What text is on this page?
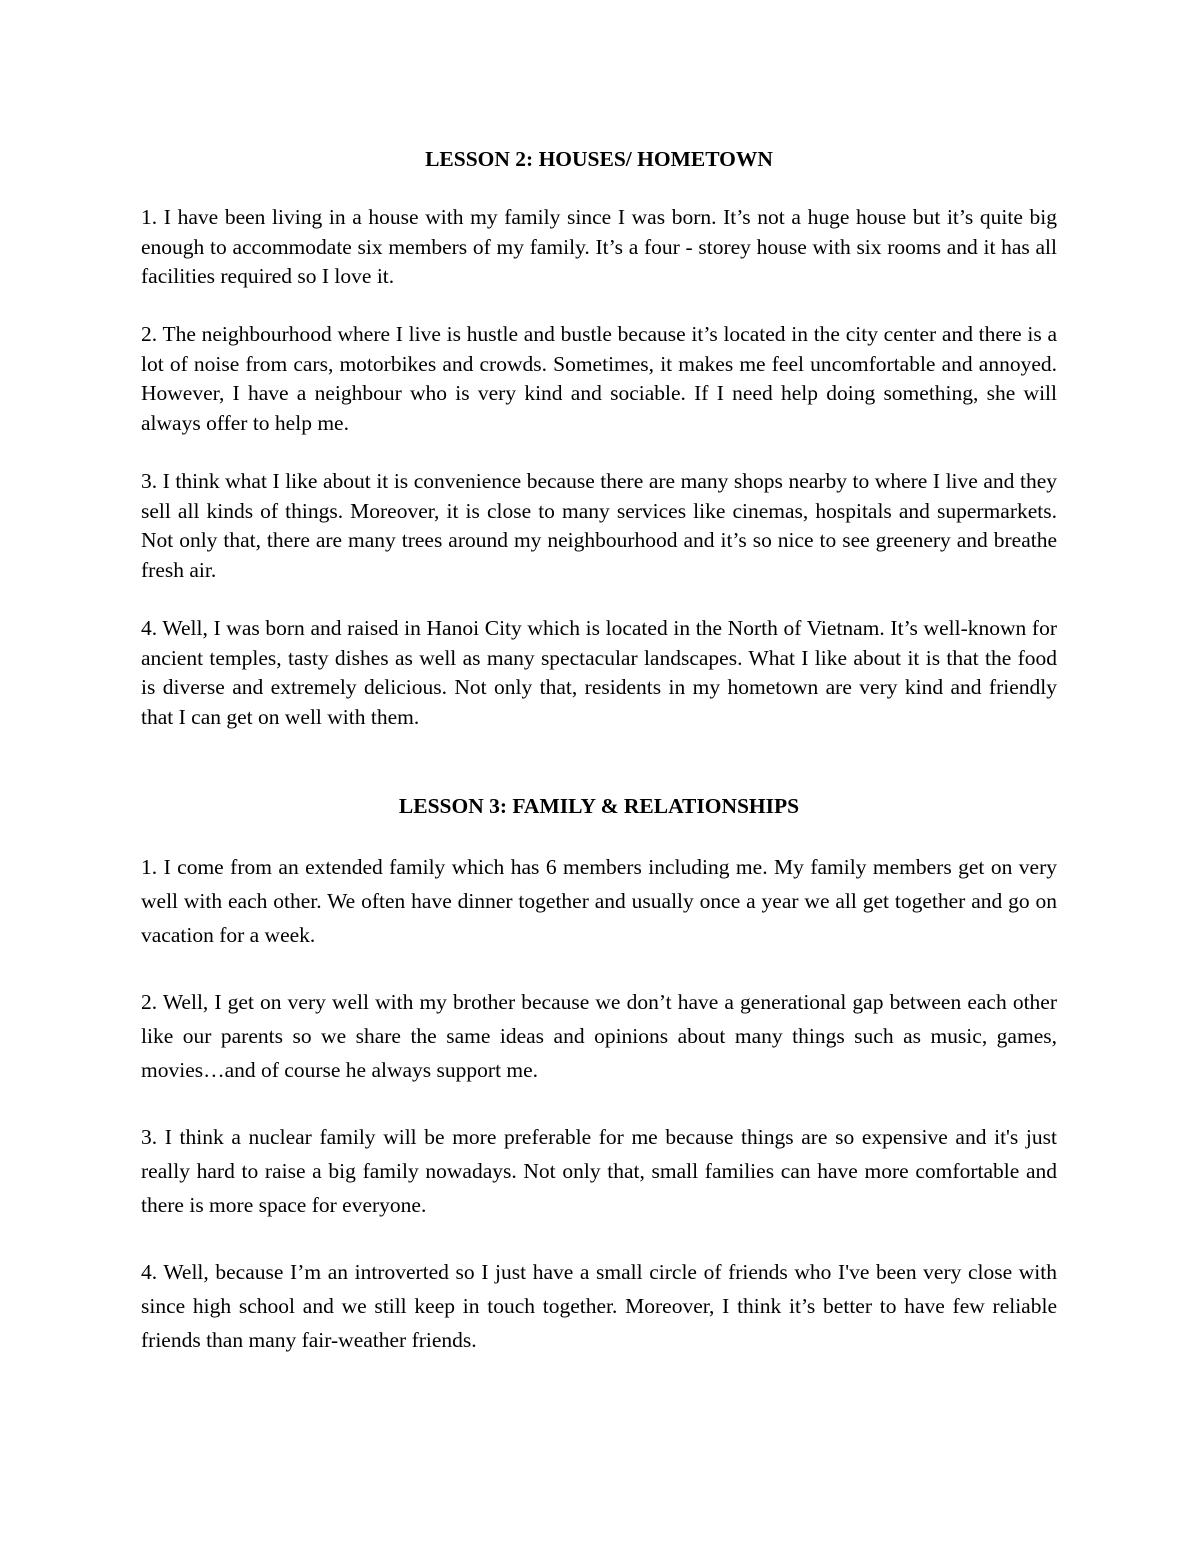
LESSON 2: HOUSES/ HOMETOWN

1. I have been living in a house with my family since I was born. It’s not a huge house but it’s quite big enough to accommodate six members of my family. It’s a four - storey house with six rooms and it has all facilities required so I love it.

2. The neighbourhood where I live is hustle and bustle because it’s located in the city center and there is a lot of noise from cars, motorbikes and crowds. Sometimes, it makes me feel uncomfortable and annoyed. However, I have a neighbour who is very kind and sociable. If I need help doing something, she will always offer to help me.

3. I think what I like about it is convenience because there are many shops nearby to where I live and they sell all kinds of things. Moreover, it is close to many services like cinemas, hospitals and supermarkets. Not only that, there are many trees around my neighbourhood and it’s so nice to see greenery and breathe fresh air.

4. Well, I was born and raised in Hanoi City which is located in the North of Vietnam. It’s well-known for ancient temples, tasty dishes as well as many spectacular landscapes. What I like about it is that the food is diverse and extremely delicious. Not only that, residents in my hometown are very kind and friendly that I can get on well with them.

LESSON 3: FAMILY & RELATIONSHIPS

1. I come from an extended family which has 6 members including me. My family members get on very well with each other. We often have dinner together and usually once a year we all get together and go on vacation for a week.

2. Well, I get on very well with my brother because we don’t have a generational gap between each other like our parents so we share the same ideas and opinions about many things such as music, games, movies…and of course he always support me.

3. I think a nuclear family will be more preferable for me because things are so expensive and it's just really hard to raise a big family nowadays. Not only that, small families can have more comfortable and there is more space for everyone.

4. Well, because I’m an introverted so I just have a small circle of friends who I've been very close with since high school and we still keep in touch together. Moreover, I think it’s better to have few reliable friends than many fair-weather friends.
